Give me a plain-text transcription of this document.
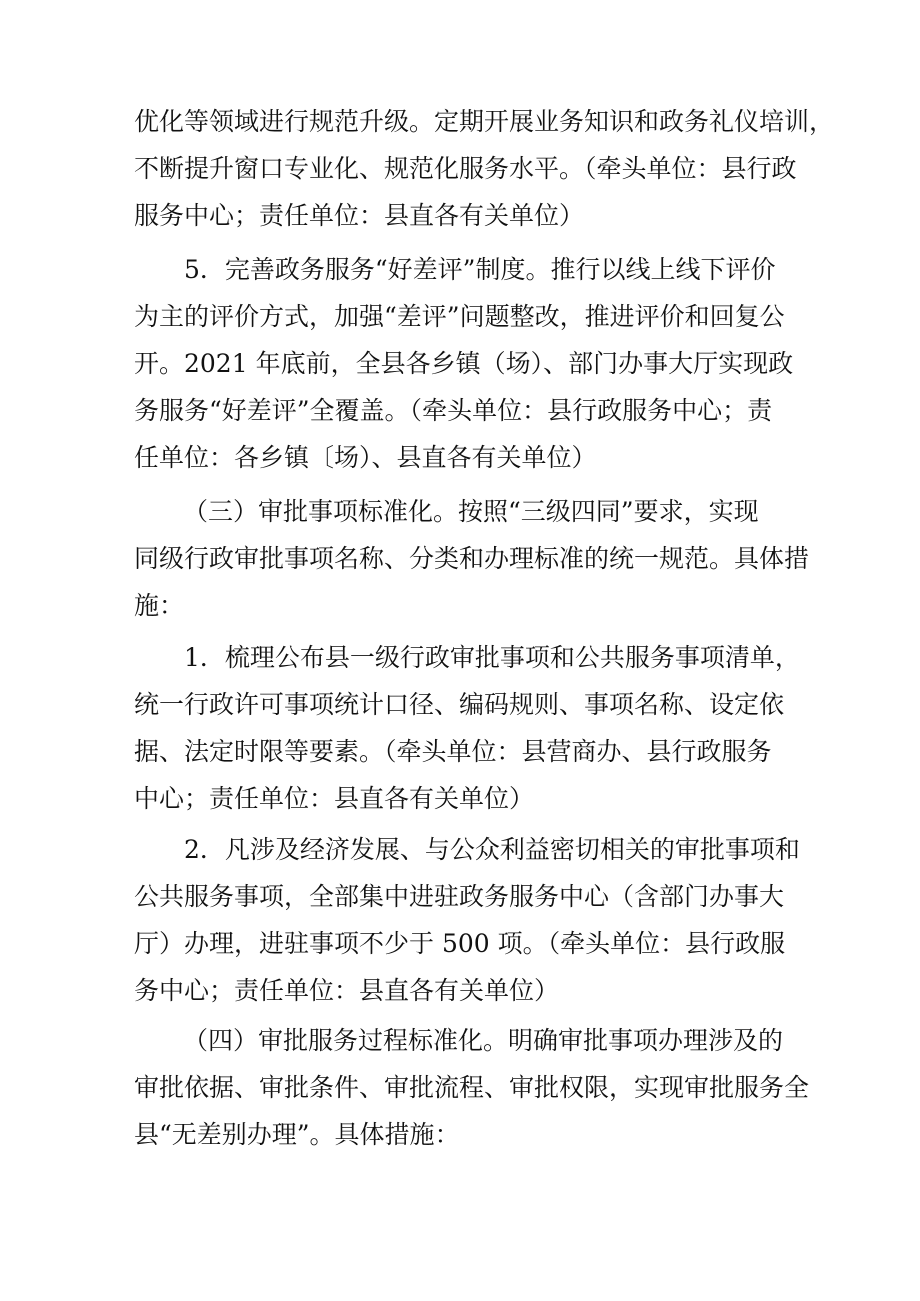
优化等领域进行规范升级。定期开展业务知识和政务礼仪培训，
不断提升窗口专业化、规范化服务水平。（牵头单位：县行政
服务中心；责任单位：县直各有关单位）
5．完善政务服务“好差评”制度。推行以线上线下评价
为主的评价方式，加强“差评”问题整改，推进评价和回复公
开。2021 年底前，全县各乡镇（场）、部门办事大厅实现政
务服务“好差评”全覆盖。（牵头单位：县行政服务中心；责
任单位：各乡镇〔场）、县直各有关单位）
（三）审批事项标准化。按照“三级四同”要求，实现
同级行政审批事项名称、分类和办理标准的统一规范。具体措
施：
1．梳理公布县一级行政审批事项和公共服务事项清单，
统一行政许可事项统计口径、编码规则、事项名称、设定依
据、法定时限等要素。（牵头单位：县营商办、县行政服务
中心；责任单位：县直各有关单位）
2．凡涉及经济发展、与公众利益密切相关的审批事项和
公共服务事项，全部集中进驻政务服务中心（含部门办事大
厅）办理，进驻事项不少于 500 项。（牵头单位：县行政服
务中心；责任单位：县直各有关单位）
（四）审批服务过程标准化。明确审批事项办理涉及的
审批依据、审批条件、审批流程、审批权限，实现审批服务全
县“无差别办理”。具体措施：
